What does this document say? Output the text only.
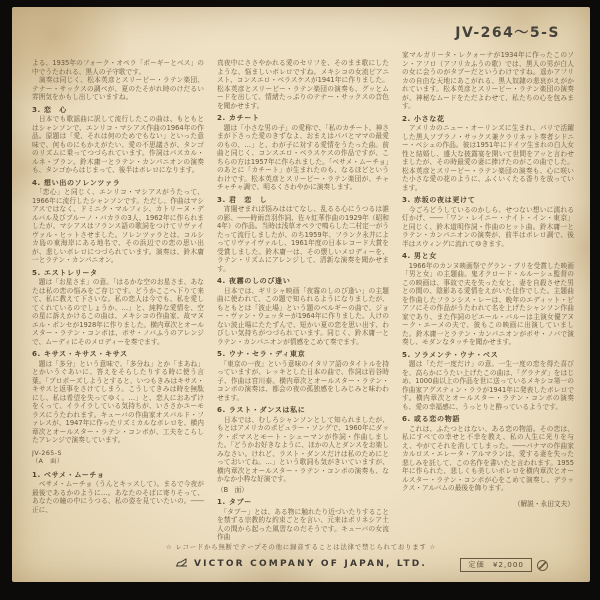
JV-264～5-S
よる、1935年のフォーク・オペラ「ポーギーとベス」の中でうたわれる、黒人の子守歌です。
　演奏は同じく、松本英彦とスリーピー・ラテン楽団、テナー・サックスの調べが、夏のたそがれ時のけだるい雰囲気をかもし出していますね。
3. 恋　心
　日本でも歌謡曲に訳して流行したこの曲は、もともとはシャンソンで、エンリコ・マシアス作曲の1964年の作品。原題は「愛、それは何のためでもない」といった意味で、何ものにもかえがたい、愛の不思議さが、タンゴのリズムに乗ってつづられています。作詞はパスカル・ルネ・ブラン。鈴木庸一とラテン・カンパニオンの演奏も、タンゴからはじまって、後半はボレロになります。
4. 想い出のソレンツァラ
　「恋心」と同じく、エンリコ・マシアスがうたって、1966年に流行したシャンソンです。ただし、作曲はマシアスではなく、ドミニク・マルフィシ、カトリーヌ・デルバル及びブルーノ・バカラの3人、1962年に作られましたが、マシアスはフランス語の歌詞をつけてリヴァイヴァル・ヒットさせました。ソレンツァラとは、コルシカ島の東海岸にある地名で、その浜辺での恋の思い出が、悲しいボレロにつづられています。演奏は、鈴木庸一とラテン・カンパニオン。
5. エストレリータ
　題は「お星さま」の意。「はるかな空のお星さま、あなたは私の恋の悩みをご存じです。どうかここへ下りて来て、私に教えて下さいな。私の恋人は今でも、私を愛してくれているのでしょうか、…」と、純粋な愛情を、空の星に訴えかけるこの曲は、メキシコの作曲家、故マヌエル・ポンセが1928年に作りました。横内章次とオールスター・ラテン・コンボは、ボサ・ノバふうのアレンジで、ムーディにそのメロディーを奏でます。
6. キサス・キサス・キサス
　題は「多分」という意味で、「多分ね」とか「まあね」とかいうぐあいに、答えをそらしたりする時に使う言葉。「プロポーズしようとすると、いつもきみはキサス・キサスと返事をさけてしまう。こうしてきみは時を無駄にし、私は希望を失ってゆく。…」と、恋人におあずけをくって、イライラしている気持ちが、いささかユーモラスにうたわれます。キューバの作曲家オスバルド・ファレスが、1947年に作ったリズミカルなボレロを、横内章次とオールスター・ラテン・コンボが、工夫をこらしたアレンジで演奏しています。
JV-265-S
（A　面）
1. ベサメ・ムーチョ
　ベサメ・ムーチョ（うんとキッスして）。まるで今夜が最後であるかのように…。あなたのそばに寄りそって、あなたの瞳の中にうつる、私の姿を見ていたいの。――正に、
真夜中にささやかれる愛のセリフを、そのまま歌にしたような、悩ましいボレロですね。メキシコの女流ピアニスト、コンスエロ・ベラスケスが1941年に作りました。松本英彦とスリーピー・ラテン楽団の演奏も、グッとムードを出して、情緒たっぷりのテナー・サックスの音色を聞かせます。
2. カチート
　題は「小さな男の子」の愛称で、「私のカチート、神さまが下さった愛のきずなよ、おまえはパパとママの最愛のもの、…」と、わが子に対する愛情をうたった曲。前曲と同じく、コンスエロ・ベラスケスの作品ですが、こちらの方は1957年に作られました。「ベサメ・ムーチョ」のあとに「カチート」が生まれたのも、なるほどというわけです。松本英彦とスリーピー・ラテン楽団が、チャチャチャ調で、明るくさわやかに演奏します。
3. 君　恋　し
　宵闇せまれば悩みははてなし、乱るる心にうつるは誰の影、――時雨音羽作詞、佐々紅華作曲の1929年（昭和4年）の作品。当時は浅草オペラで鳴らした二村定一がうたって流行しましたが、のち1959年、フランク永井によってリヴァイヴァルし、1961年度の日本レコード大賞を受賞しました。鈴木庸一は、その懐しいメロディーを、ラテン・リズムにアレンジして、清新な演奏を聞かせます。
4. 夜霧のしのび逢い
　日本では、ギリシャ映画「夜霧のしのび逢い」の主題曲に使われて、この題で知られるようになりましたが、もともとは「波止場」という題のベルギーの曲で、ジョー・ヴァン・ウェッターが1964年に作りました。人けのない波止場にたたずんで、短かい夏の恋を思い出す、わびしい気持ちがつづられています。同じく、鈴木庸一とラテン・カンパニオンが情感をこめて奏でます。
5. ウナ・セラ・ディ東京
　「東京の一夜」という意味のイタリア語のタイトルを持っていますが、レッキとした日本の曲で、作詞は岩谷時子、作曲は宮川泰。横内章次とオールスター・ラテン・コンボの演奏は、都会の夜の孤独感をしみじみと味わわせます。
6. ラスト・ダンスは私に
　日本では、むしろシャンソンとして知られましたが、もとはアメリカのポピュラー・ソングで、1960年にダック・ポマスとモート・シューマンが作詞・作曲しました。「どうかお好きなように、ほかの人とダンスをお楽しみなさい。けれど、ラスト・ダンスだけは私のためにとっておいてね。…」という歌詞も気がきいていますが、横内章次とオールスター・ラテン・コンボの演奏も、なかなか小粋な好演です。
（B　面）
1. タブー
　「タブー」とは、ある物に触れたり近づいたりすることを禁ずる宗教的な約束ごとを言い、元来はポリネシア土人の間から起った風習なのだそうです。キューバの女流作曲
家マルガリータ・レクォーナが1934年に作ったこのソン・アフロ（アフリカふうの歌）では、黒人の男が白人の女に会うのがタブーだというわけですね。遥かアフリカの自由な天地にあこがれる、黒人奴隷の悲哀がえがかれています。松本英彦とスリーピー・ラテン楽団の演奏が、神秘なムードをただよわせて、私たちの心を包みます。
2. 小さな花
　アメリカのニュー・オーリンズに生まれ、パリで活躍した黒人ソプラノ・サックス兼クラリネット奏者シドニー・ベシェの作品。彼は1951年にドイツ生まれの白人女性と結婚し、盛大な披露宴を開いて世間をアッと言わせましたが、その時最愛の妻に捧げたのがこの曲でした。松本英彦とスリーピー・ラテン楽団の演奏も、心に咲いた小さな愛の花のように、ふくいくたる香りを放っています。
3. 赤坂の夜は更けて
　今ごろどうしているのかしら、せつない想いに濡れる灯かげ、――「ワン・レイニー・ナイト・イン・東京」と同じく、鈴木道明作詞・作曲のヒット曲。鈴木庸一とラテン・カンパニオンの演奏が、前半はボレロ調で、後半はスウィングに流れてゆきます。
4. 男と女
　1966年のカンヌ映画祭でグラン・プリを受賞した映画「男と女」の主題曲。鬼才クロード・ルルーシュ監督のこの映画は、事故で夫を失った女と、妻を自殺させた男との間の、陰影ある愛情をえがいた佳作でした。主題曲を作曲したフランシス・レーは、晩年のエディット・ピアフにその作品がうたわれて名を上げたシャンソン作曲家であり、また作詞のピエール・バルーは主演女優アヌーク・エーメの夫で、彼もこの映画に出演していました。鈴木庸一とラテン・カンパニオンがボサ・ノバで演奏し、モダンなタッチを聞かせます。
5. ソラメンテ・ウナ・ベス
　題は「ただ一度だけ」の意。一生一度の恋を得た喜びを、高らかにうたい上げたこの曲は、「グラナダ」をはじめ、1000曲以上の作品を世に送っているメキシコ第一の作曲家アグスティン・ララが1941年に発表したボレロです。横内章次とオールスター・ラテン・コンボの演奏も、愛の幸福感に、うっとりと酔っているようです。
6. 或る恋の物語
　これは、ふたつとはない、ある恋の物語。その恋は、私にすべての幸せと不幸を教え、私の人生に光りを与え、やがてそれを消してしまった。――パナマの作曲家カルロス・エレータ・アルマランは、愛する妻を失った悲しみを託して、この名作を書いたと言われます。1955年に作られた、悲しくも美しいボレロを横内章次とオールスター・ラテン・コンボが心をこめて演奏し、デラックス・アルバムの最後を飾ります。
（解説・永田文夫）
☆ レコードから無断でテープその他に録音することは法律で禁じられております ☆
VICTOR COMPANY OF JAPAN, LTD.	定価　¥2,000
